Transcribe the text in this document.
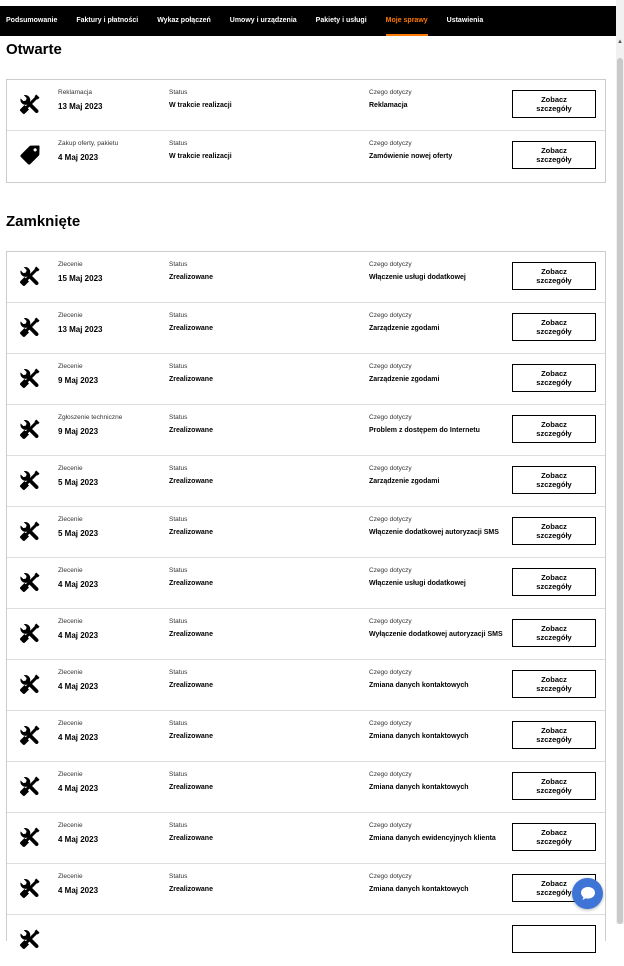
▲
Podsumowanie	Faktury i płatności	Wykaz połączeń	Umowy i urządzenia	Pakiety i usługi	Moje sprawy	Ustawienia
Otwarte
Reklamacja
13 Maj 2023
Status
W trakcie realizacji
Czego dotyczy
Reklamacja
Zobacz szczegóły
Zakup oferty, pakietu
4 Maj 2023
Status
W trakcie realizacji
Czego dotyczy
Zamówienie nowej oferty
Zobacz szczegóły
Zamknięte
Zlecenie
15 Maj 2023
Status
Zrealizowane
Czego dotyczy
Włączenie usługi dodatkowej
Zobacz szczegóły
Zlecenie
13 Maj 2023
Status
Zrealizowane
Czego dotyczy
Zarządzenie zgodami
Zobacz szczegóły
Zlecenie
9 Maj 2023
Status
Zrealizowane
Czego dotyczy
Zarządzenie zgodami
Zobacz szczegóły
Zgłoszenie techniczne
9 Maj 2023
Status
Zrealizowane
Czego dotyczy
Problem z dostępem do Internetu
Zobacz szczegóły
Zlecenie
5 Maj 2023
Status
Zrealizowane
Czego dotyczy
Zarządzenie zgodami
Zobacz szczegóły
Zlecenie
5 Maj 2023
Status
Zrealizowane
Czego dotyczy
Włączenie dodatkowej autoryzacji SMS
Zobacz szczegóły
Zlecenie
4 Maj 2023
Status
Zrealizowane
Czego dotyczy
Włączenie usługi dodatkowej
Zobacz szczegóły
Zlecenie
4 Maj 2023
Status
Zrealizowane
Czego dotyczy
Wyłączenie dodatkowej autoryzacji SMS
Zobacz szczegóły
Zlecenie
4 Maj 2023
Status
Zrealizowane
Czego dotyczy
Zmiana danych kontaktowych
Zobacz szczegóły
Zlecenie
4 Maj 2023
Status
Zrealizowane
Czego dotyczy
Zmiana danych kontaktowych
Zobacz szczegóły
Zlecenie
4 Maj 2023
Status
Zrealizowane
Czego dotyczy
Zmiana danych kontaktowych
Zobacz szczegóły
Zlecenie
4 Maj 2023
Status
Zrealizowane
Czego dotyczy
Zmiana danych ewidencyjnych klienta
Zobacz szczegóły
Zlecenie
4 Maj 2023
Status
Zrealizowane
Czego dotyczy
Zmiana danych kontaktowych
Zobacz szczegóły
